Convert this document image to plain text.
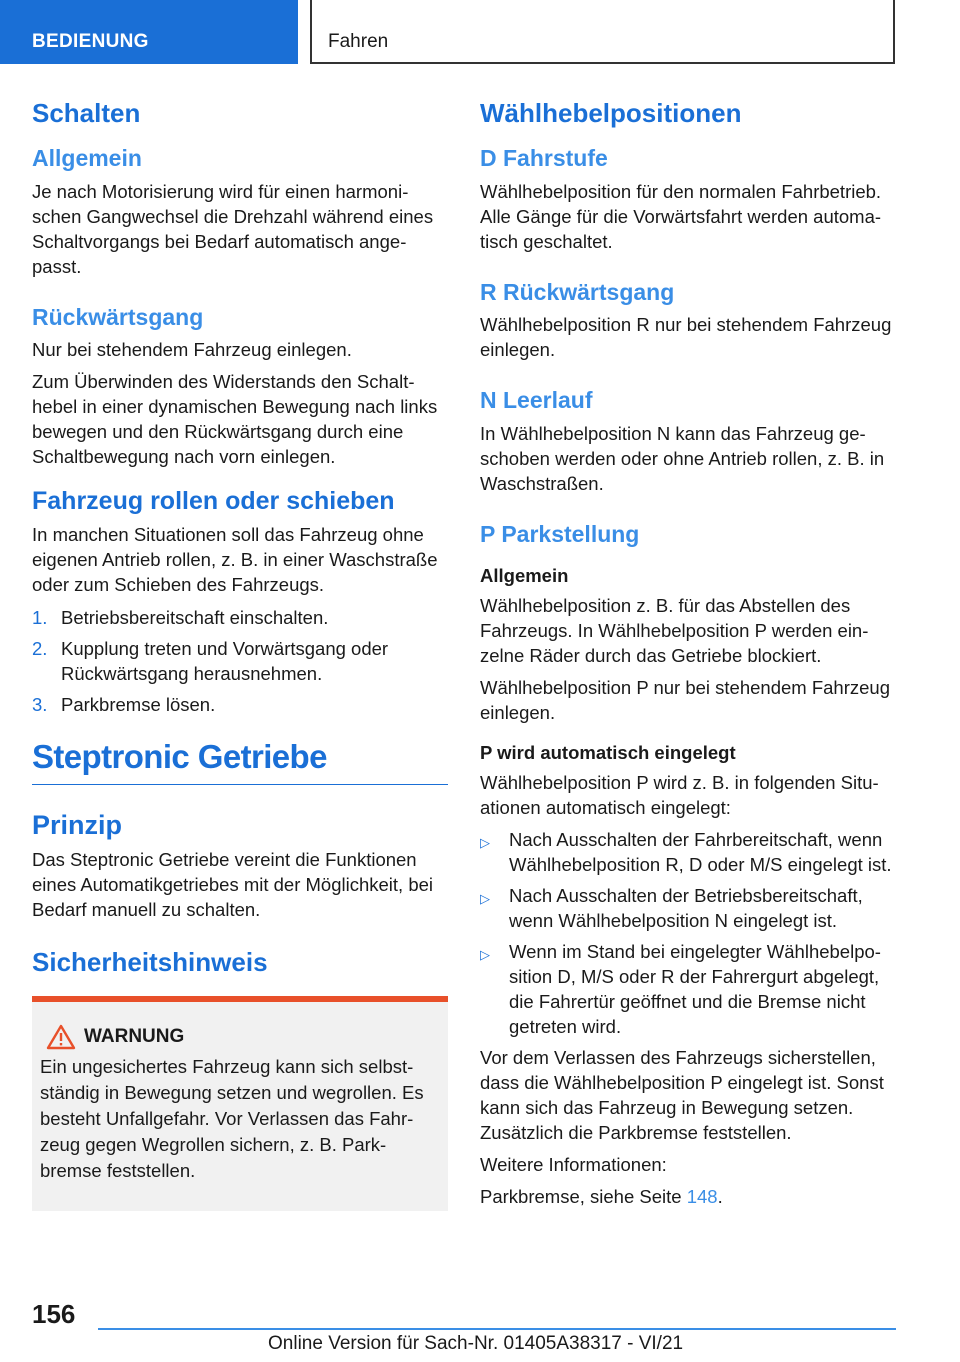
BEDIENUNG	Fahren
Schalten
Allgemein

Je nach Motorisierung wird für einen harmonischen Gangwechsel die Drehzahl während eines Schaltvorgangs bei Bedarf automatisch angepasst.

Rückwärtsgang

Nur bei stehendem Fahrzeug einlegen.

Zum Überwinden des Widerstands den Schalthebel in einer dynamischen Bewegung nach links bewegen und den Rückwärtsgang durch eine Schaltbewegung nach vorn einlegen.

Fahrzeug rollen oder schieben

In manchen Situationen soll das Fahrzeug ohne eigenen Antrieb rollen, z. B. in einer Waschstraße oder zum Schieben des Fahrzeugs.

1. Betriebsbereitschaft einschalten.
2. Kupplung treten und Vorwärtsgang oder Rückwärtsgang herausnehmen.
3. Parkbremse lösen.
Steptronic Getriebe
Prinzip

Das Steptronic Getriebe vereint die Funktionen eines Automatikgetriebes mit der Möglichkeit, bei Bedarf manuell zu schalten.

Sicherheitshinweis
WARNUNG

Ein ungesichertes Fahrzeug kann sich selbstständig in Bewegung setzen und wegrollen. Es besteht Unfallgefahr. Vor Verlassen das Fahrzeug gegen Wegrollen sichern, z. B. Parkbremse feststellen.

Wählhebelpositionen
D Fahrstufe

Wählhebelposition für den normalen Fahrbetrieb. Alle Gänge für die Vorwärtsfahrt werden automatisch geschaltet.

R Rückwärtsgang

Wählhebelposition R nur bei stehendem Fahrzeug einlegen.

N Leerlauf

In Wählhebelposition N kann das Fahrzeug geschoben werden oder ohne Antrieb rollen, z. B. in Waschstraßen.

P Parkstellung
Allgemein

Wählhebelposition z. B. für das Abstellen des Fahrzeugs. In Wählhebelposition P werden einzelne Räder durch das Getriebe blockiert.

Wählhebelposition P nur bei stehendem Fahrzeug einlegen.

P wird automatisch eingelegt

Wählhebelposition P wird z. B. in folgenden Situationen automatisch eingelegt:

▷	Nach Ausschalten der Fahrbereitschaft, wenn Wählhebelposition R, D oder M/S eingelegt ist.
▷	Nach Ausschalten der Betriebsbereitschaft, wenn Wählhebelposition N eingelegt ist.
▷	Wenn im Stand bei eingelegter Wählhebelposition D, M/S oder R der Fahrergurt abgelegt, die Fahrertür geöffnet und die Bremse nicht getreten wird.

Vor dem Verlassen des Fahrzeugs sicherstellen, dass die Wählhebelposition P eingelegt ist. Sonst kann sich das Fahrzeug in Bewegung setzen. Zusätzlich die Parkbremse feststellen.

Weitere Informationen:

Parkbremse, siehe Seite 148.

156
Online Version für Sach-Nr. 01405A38317 - VI/21
